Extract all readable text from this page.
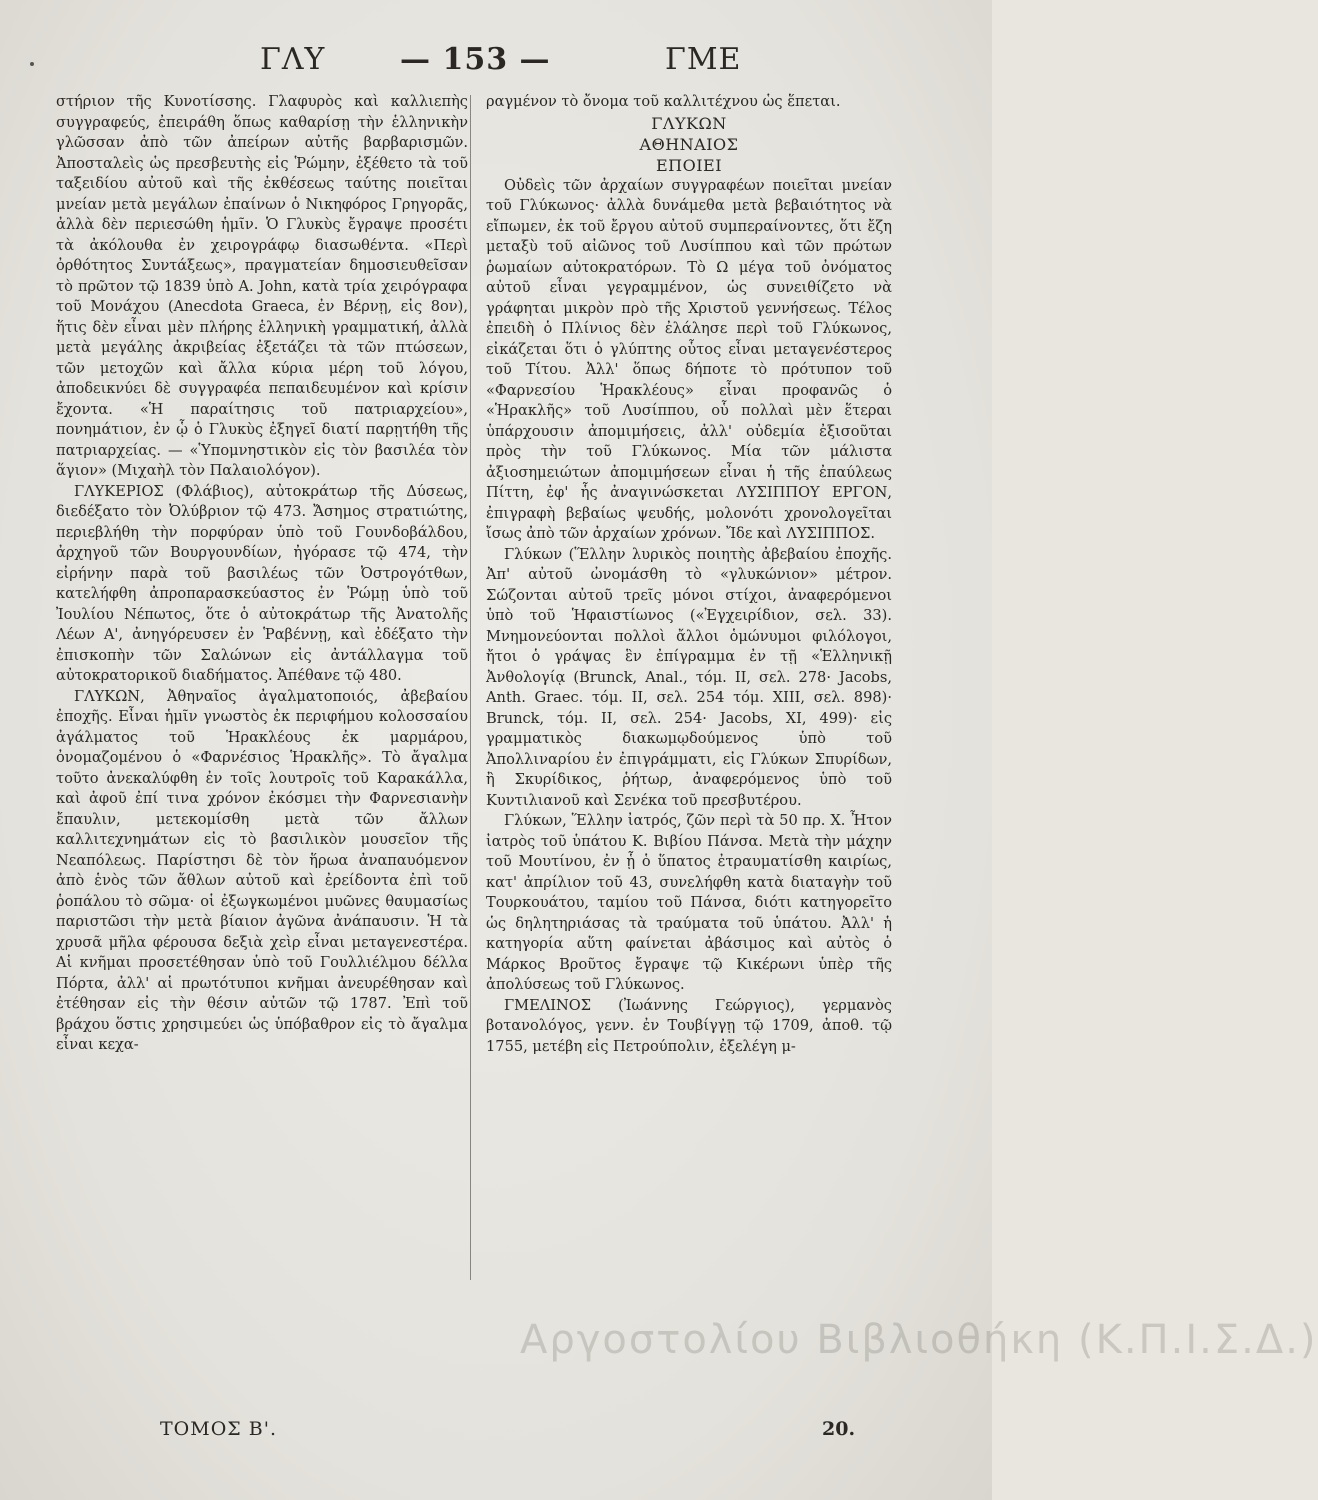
ΓΛΥ — 153 —	ΓΜΕ

στήριον τῆς Κυνοτίσσης. Γλαφυρὸς καὶ καλλιεπὴς συγγραφεύς, ἐπειράθη ὅπως καθαρίσῃ τὴν ἑλληνικὴν γλῶσσαν ἀπὸ τῶν ἀπείρων αὐτῆς βαρβαρισμῶν. Ἀποσταλεὶς ὡς πρεσβευτὴς εἰς Ῥώμην, ἐξέθετο τὰ τοῦ ταξειδίου αὐτοῦ καὶ τῆς ἐκθέσεως ταύτης ποιεῖται μνείαν μετὰ μεγάλων ἐπαίνων ὁ Νικηφόρος Γρηγορᾶς, ἀλλὰ δὲν περιεσώθη ἡμῖν. Ὁ Γλυκὺς ἔγραψε προσέτι τὰ ἀκόλουθα ἐν χειρογράφῳ διασωθέντα. «Περὶ ὀρθότητος Συντάξεως», πραγματείαν δημοσιευθεῖσαν τὸ πρῶτον τῷ 1839 ὑπὸ Α. John, κατὰ τρία χειρόγραφα τοῦ Μονάχου (Anecdota Graeca, ἐν Βέρνῃ, εἰς 8ον), ἥτις δὲν εἶναι μὲν πλήρης ἑλληνικὴ γραμματική, ἀλλὰ μετὰ μεγάλης ἀκριβείας ἐξετάζει τὰ τῶν πτώσεων, τῶν μετοχῶν καὶ ἄλλα κύρια μέρη τοῦ λόγου, ἀποδεικνύει δὲ συγγραφέα πεπαιδευμένον καὶ κρίσιν ἔχοντα. «Ἡ παραίτησις τοῦ πατριαρχείου», πονημάτιον, ἐν ᾧ ὁ Γλυκὺς ἐξηγεῖ διατί παρῃτήθη τῆς πατριαρχείας. — «Ὑπομνηστικὸν εἰς τὸν βασιλέα τὸν ἅγιον» (Μιχαὴλ τὸν Παλαιολόγον).

ΓΛΥΚΕΡΙΟΣ (Φλάβιος), αὐτοκράτωρ τῆς Δύσεως, διεδέξατο τὸν Ὀλύβριον τῷ 473. Ἄσημος στρατιώτης, περιεβλήθη τὴν πορφύραν ὑπὸ τοῦ Γουνδοβάλδου, ἀρχηγοῦ τῶν Βουργουνδίων, ἠγόρασε τῷ 474, τὴν εἰρήνην παρὰ τοῦ βασιλέως τῶν Ὀστρογότθων, κατελήφθη ἀπροπαρασκεύαστος ἐν Ῥώμῃ ὑπὸ τοῦ Ἰουλίου Νέπωτος, ὅτε ὁ αὐτοκράτωρ τῆς Ἀνατολῆς Λέων Α', ἀνηγόρευσεν ἐν Ῥαβέννῃ, καὶ ἐδέξατο τὴν ἐπισκοπὴν τῶν Σαλώνων εἰς ἀντάλλαγμα τοῦ αὐτοκρατορικοῦ διαδήματος. Ἀπέθανε τῷ 480.

ΓΛΥΚΩΝ, Ἀθηναῖος ἀγαλματοποιός, ἀβεβαίου ἐποχῆς. Εἶναι ἡμῖν γνωστὸς ἐκ περιφήμου κολοσσαίου ἀγάλματος τοῦ Ἡρακλέους ἐκ μαρμάρου, ὀνομαζομένου ὁ «Φαρνέσιος Ἡρακλῆς». Τὸ ἄγαλμα τοῦτο ἀνεκαλύφθη ἐν τοῖς λουτροῖς τοῦ Καρακάλλα, καὶ ἀφοῦ ἐπί τινα χρόνον ἐκόσμει τὴν Φαρνεσιανὴν ἔπαυλιν, μετεκομίσθη μετὰ τῶν ἄλλων καλλιτεχνημάτων εἰς τὸ βασιλικὸν μουσεῖον τῆς Νεαπόλεως. Παρίστησι δὲ τὸν ἥρωα ἀναπαυόμενον ἀπὸ ἑνὸς τῶν ἄθλων αὐτοῦ καὶ ἐρείδοντα ἐπὶ τοῦ ῥοπάλου τὸ σῶμα· οἱ ἐξωγκωμένοι μυῶνες θαυμασίως παριστῶσι τὴν μετὰ βίαιον ἀγῶνα ἀνάπαυσιν. Ἡ τὰ χρυσᾶ μῆλα φέρουσα δεξιὰ χεὶρ εἶναι μεταγενεστέρα. Αἱ κνῆμαι προσετέθησαν ὑπὸ τοῦ Γουλλιέλμου δέλλα Πόρτα, ἀλλ' αἱ πρωτότυποι κνῆμαι ἀνευρέθησαν καὶ ἐτέθησαν εἰς τὴν θέσιν αὐτῶν τῷ 1787. Ἐπὶ τοῦ βράχου ὅστις χρησιμεύει ὡς ὑπόβαθρον εἰς τὸ ἄγαλμα εἶναι κεχα-

ραγμένον τὸ ὄνομα τοῦ καλλιτέχνου ὡς ἕπεται.

ΓΛΥΚΩΝ

ΑΘΗΝΑΙΟΣ

ΕΠΟΙΕΙ

Οὐδεὶς τῶν ἀρχαίων συγγραφέων ποιεῖται μνείαν τοῦ Γλύκωνος· ἀλλὰ δυνάμεθα μετὰ βεβαιότητος νὰ εἴπωμεν, ἐκ τοῦ ἔργου αὐτοῦ συμπεραίνοντες, ὅτι ἔζη μεταξὺ τοῦ αἰῶνος τοῦ Λυσίππου καὶ τῶν πρώτων ῥωμαίων αὐτοκρατόρων. Τὸ Ω μέγα τοῦ ὀνόματος αὐτοῦ εἶναι γεγραμμένον, ὡς συνειθίζετο νὰ γράφηται μικρὸν πρὸ τῆς Χριστοῦ γεννήσεως. Τέλος ἐπειδὴ ὁ Πλίνιος δὲν ἐλάλησε περὶ τοῦ Γλύκωνος, εἰκάζεται ὅτι ὁ γλύπτης οὗτος εἶναι μεταγενέστερος τοῦ Τίτου. Ἀλλ' ὅπως δήποτε τὸ πρότυπον τοῦ «Φαρνεσίου Ἡρακλέους» εἶναι προφανῶς ὁ «Ἡρακλῆς» τοῦ Λυσίππου, οὗ πολλαὶ μὲν ἕτεραι ὑπάρχουσιν ἀπομιμήσεις, ἀλλ' οὐδεμία ἐξισοῦται πρὸς τὴν τοῦ Γλύκωνος. Μία τῶν μάλιστα ἀξιοσημειώτων ἀπομιμήσεων εἶναι ἡ τῆς ἐπαύλεως Πίττη, ἐφ' ἧς ἀναγινώσκεται ΛΥΣΙΠΠΟΥ ΕΡΓΟΝ, ἐπιγραφὴ βεβαίως ψευδής, μολονότι χρονολογεῖται ἴσως ἀπὸ τῶν ἀρχαίων χρόνων. Ἴδε καὶ ΛΥΣΙΠΠΟΣ.

Γλύκων (Ἕλλην λυρικὸς ποιητὴς ἀβεβαίου ἐποχῆς. Ἀπ' αὐτοῦ ὠνομάσθη τὸ «γλυκώνιον» μέτρον. Σώζονται αὐτοῦ τρεῖς μόνοι στίχοι, ἀναφερόμενοι ὑπὸ τοῦ Ἡφαιστίωνος («Ἐγχειρίδιον, σελ. 33). Μνημονεύονται πολλοὶ ἄλλοι ὁμώνυμοι φιλόλογοι, ἤτοι ὁ γράψας ἓν ἐπίγραμμα ἐν τῇ «Ἑλληνικῇ Ἀνθολογίᾳ (Brunck, Anal., τόμ. II, σελ. 278· Jacobs, Anth. Graec. τόμ. II, σελ. 254 τόμ. XIII, σελ. 898)· Brunck, τόμ. II, σελ. 254· Jacobs, XI, 499)· εἰς γραμματικὸς διακωμῳδούμενος ὑπὸ τοῦ Ἀπολλιναρίου ἐν ἐπιγράμματι, εἰς Γλύκων Σπυρίδων, ἢ Σκυρίδικος, ῥήτωρ, ἀναφερόμενος ὑπὸ τοῦ Κυντιλιανοῦ καὶ Σενέκα τοῦ πρεσβυτέρου.

Γλύκων, Ἕλλην ἰατρός, ζῶν περὶ τὰ 50 πρ. Χ. Ἦτον ἰατρὸς τοῦ ὑπάτου Κ. Βιβίου Πάνσα. Μετὰ τὴν μάχην τοῦ Μουτίνου, ἐν ᾗ ὁ ὕπατος ἐτραυματίσθη καιρίως, κατ' ἀπρίλιον τοῦ 43, συνελήφθη κατὰ διαταγὴν τοῦ Τουρκουάτου, ταμίου τοῦ Πάνσα, διότι κατηγορεῖτο ὡς δηλητηριάσας τὰ τραύματα τοῦ ὑπάτου. Ἀλλ' ἡ κατηγορία αὕτη φαίνεται ἀβάσιμος καὶ αὐτὸς ὁ Μάρκος Βροῦτος ἔγραψε τῷ Κικέρωνι ὑπὲρ τῆς ἀπολύσεως τοῦ Γλύκωνος.

ΓΜΕΛΙΝΟΣ (Ἰωάννης Γεώργιος), γερμανὸς βοτανολόγος, γενν. ἐν Τουβίγγῃ τῷ 1709, ἀποθ. τῷ 1755, μετέβη εἰς Πετρούπολιν, ἐξελέγη μ-

Αργοστολίου Βιβλιοθήκη (Κ.Π.Ι.Σ.Δ.)
ΤΟΜΟΣ Β'.	20.
